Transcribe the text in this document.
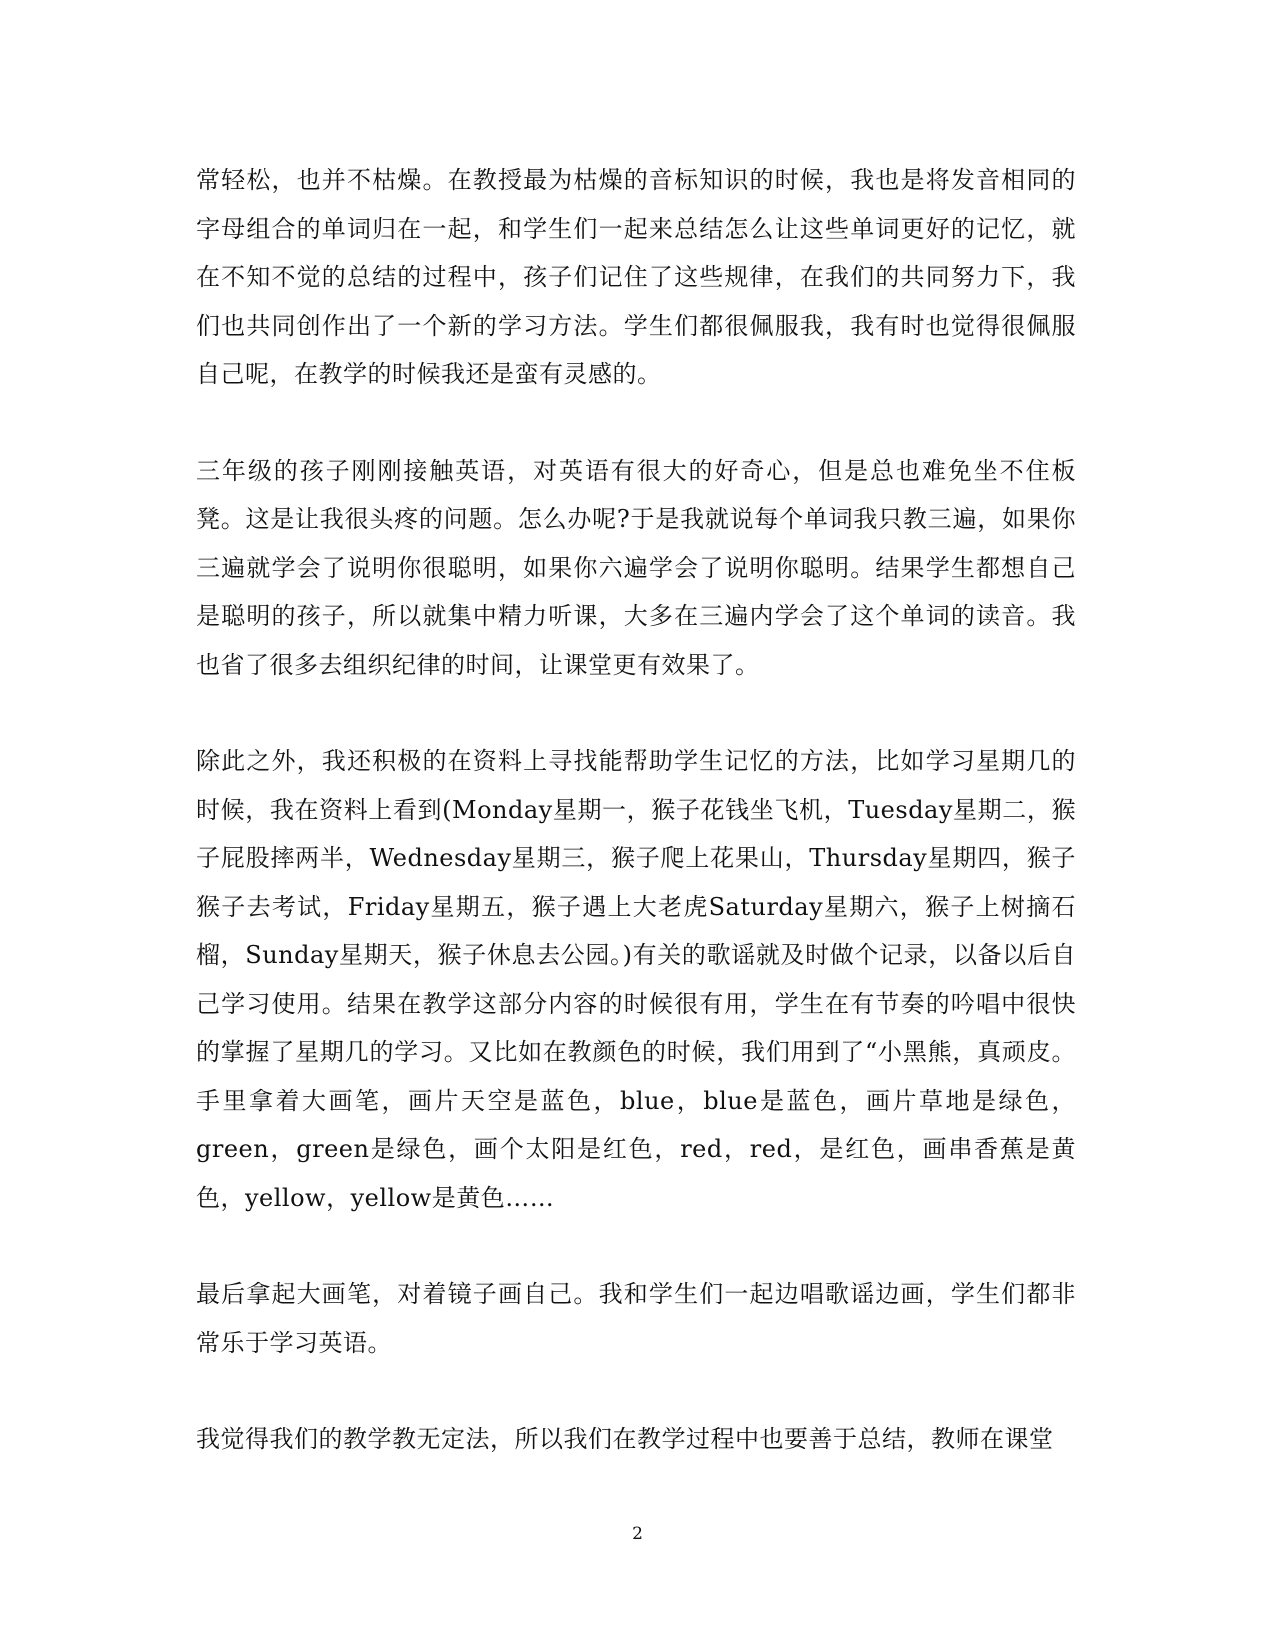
常轻松，也并不枯燥。在教授最为枯燥的音标知识的时候，我也是将发音相同的字母组合的单词归在一起，和学生们一起来总结怎么让这些单词更好的记忆，就在不知不觉的总结的过程中，孩子们记住了这些规律，在我们的共同努力下，我们也共同创作出了一个新的学习方法。学生们都很佩服我，我有时也觉得很佩服自己呢，在教学的时候我还是蛮有灵感的。

三年级的孩子刚刚接触英语，对英语有很大的好奇心，但是总也难免坐不住板凳。这是让我很头疼的问题。怎么办呢?于是我就说每个单词我只教三遍，如果你三遍就学会了说明你很聪明，如果你六遍学会了说明你聪明。结果学生都想自己是聪明的孩子，所以就集中精力听课，大多在三遍内学会了这个单词的读音。我也省了很多去组织纪律的时间，让课堂更有效果了。

除此之外，我还积极的在资料上寻找能帮助学生记忆的方法，比如学习星期几的时候，我在资料上看到(Monday星期一，猴子花钱坐飞机，Tuesday星期二，猴子屁股摔两半，Wednesday星期三，猴子爬上花果山，Thursday星期四，猴子猴子去考试，Friday星期五，猴子遇上大老虎Saturday星期六，猴子上树摘石榴，Sunday星期天，猴子休息去公园。)有关的歌谣就及时做个记录，以备以后自己学习使用。结果在教学这部分内容的时候很有用，学生在有节奏的吟唱中很快的掌握了星期几的学习。又比如在教颜色的时候，我们用到了“小黑熊，真顽皮。手里拿着大画笔，画片天空是蓝色，blue，blue是蓝色，画片草地是绿色，green，green是绿色，画个太阳是红色，red，red，是红色，画串香蕉是黄色，yellow，yellow是黄色……

最后拿起大画笔，对着镜子画自己。我和学生们一起边唱歌谣边画，学生们都非常乐于学习英语。

我觉得我们的教学教无定法，所以我们在教学过程中也要善于总结，教师在课堂

2
